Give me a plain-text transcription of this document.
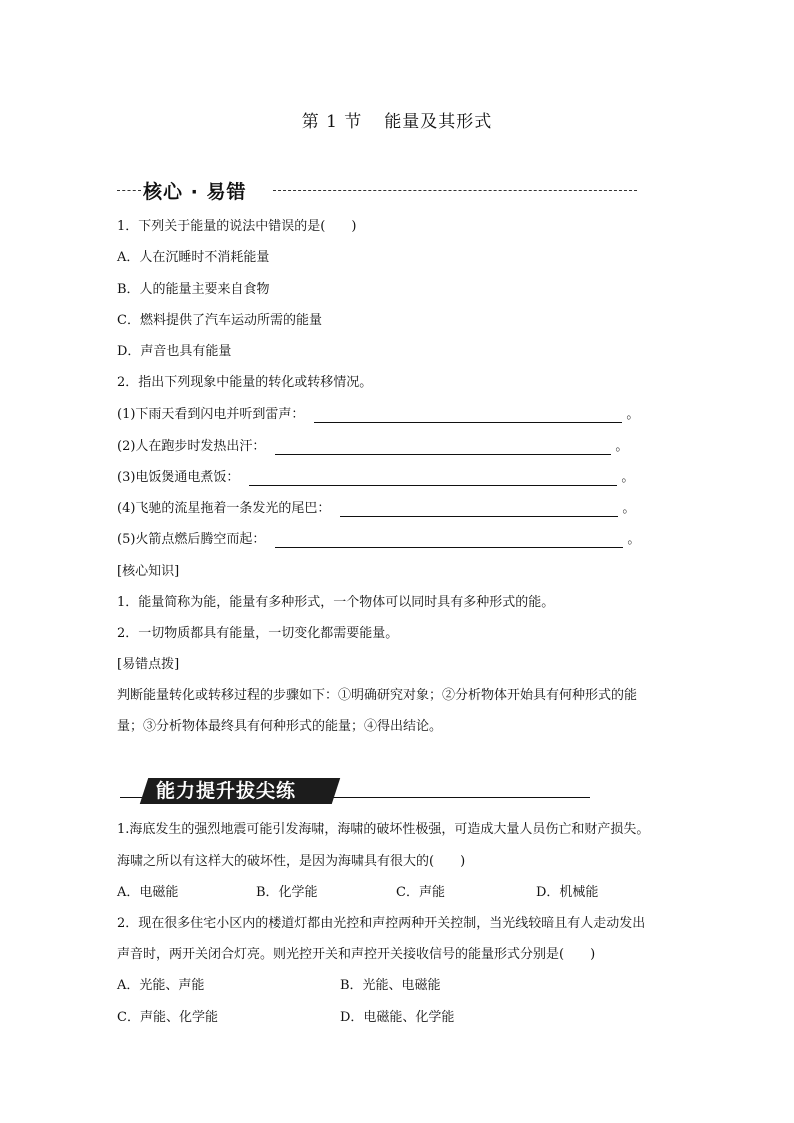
第 1 节 能量及其形式
核心 · 易错
1．下列关于能量的说法中错误的是(　　)
A．人在沉睡时不消耗能量
B．人的能量主要来自食物
C．燃料提供了汽车运动所需的能量
D．声音也具有能量
2．指出下列现象中能量的转化或转移情况。
(1)下雨天看到闪电并听到雷声：	。
(2)人在跑步时发热出汗：	。
(3)电饭煲通电煮饭：	。
(4)飞驰的流星拖着一条发光的尾巴：	。
(5)火箭点燃后腾空而起：	。
[核心知识]
1．能量简称为能，能量有多种形式，一个物体可以同时具有多种形式的能。
2．一切物质都具有能量，一切变化都需要能量。
[易错点拨]
判断能量转化或转移过程的步骤如下：①明确研究对象；②分析物体开始具有何种形式的能
量；③分析物体最终具有何种形式的能量；④得出结论。
能力提升拔尖练
1.海底发生的强烈地震可能引发海啸，海啸的破坏性极强，可造成大量人员伤亡和财产损失。
海啸之所以有这样大的破坏性，是因为海啸具有很大的(　　)
A．电磁能	B．化学能	C．声能	D．机械能
2．现在很多住宅小区内的楼道灯都由光控和声控两种开关控制，当光线较暗且有人走动发出
声音时，两开关闭合灯亮。则光控开关和声控开关接收信号的能量形式分别是(　　)
A．光能、声能	B．光能、电磁能
C．声能、化学能	D．电磁能、化学能
